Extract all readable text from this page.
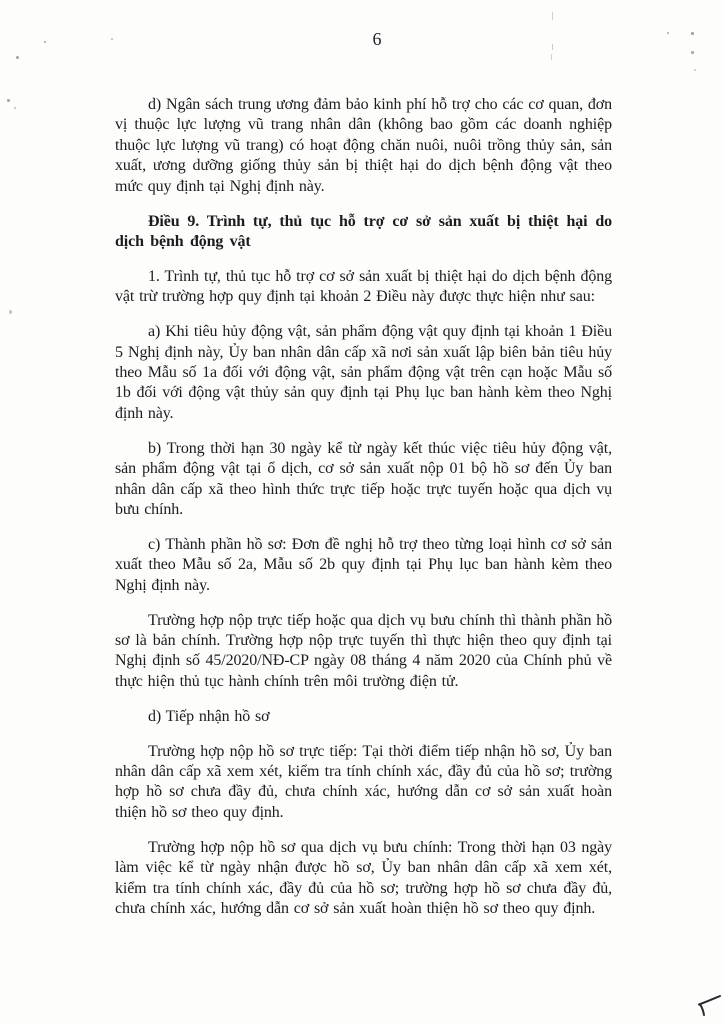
6

d) Ngân sách trung ương đảm bảo kinh phí hỗ trợ cho các cơ quan, đơn vị thuộc lực lượng vũ trang nhân dân (không bao gồm các doanh nghiệp thuộc lực lượng vũ trang) có hoạt động chăn nuôi, nuôi trồng thủy sản, sản xuất, ương dưỡng giống thủy sản bị thiệt hại do dịch bệnh động vật theo mức quy định tại Nghị định này.

Điều 9. Trình tự, thủ tục hỗ trợ cơ sở sản xuất bị thiệt hại do dịch bệnh động vật

1. Trình tự, thủ tục hỗ trợ cơ sở sản xuất bị thiệt hại do dịch bệnh động vật trừ trường hợp quy định tại khoản 2 Điều này được thực hiện như sau:

a) Khi tiêu hủy động vật, sản phẩm động vật quy định tại khoản 1 Điều 5 Nghị định này, Ủy ban nhân dân cấp xã nơi sản xuất lập biên bản tiêu hủy theo Mẫu số 1a đối với động vật, sản phẩm động vật trên cạn hoặc Mẫu số 1b đối với động vật thủy sản quy định tại Phụ lục ban hành kèm theo Nghị định này.

b) Trong thời hạn 30 ngày kể từ ngày kết thúc việc tiêu hủy động vật, sản phẩm động vật tại ổ dịch, cơ sở sản xuất nộp 01 bộ hồ sơ đến Ủy ban nhân dân cấp xã theo hình thức trực tiếp hoặc trực tuyến hoặc qua dịch vụ bưu chính.

c) Thành phần hồ sơ: Đơn đề nghị hỗ trợ theo từng loại hình cơ sở sản xuất theo Mẫu số 2a, Mẫu số 2b quy định tại Phụ lục ban hành kèm theo Nghị định này.

Trường hợp nộp trực tiếp hoặc qua dịch vụ bưu chính thì thành phần hồ sơ là bản chính. Trường hợp nộp trực tuyến thì thực hiện theo quy định tại Nghị định số 45/2020/NĐ-CP ngày 08 tháng 4 năm 2020 của Chính phủ về thực hiện thủ tục hành chính trên môi trường điện tử.

d) Tiếp nhận hồ sơ

Trường hợp nộp hồ sơ trực tiếp: Tại thời điểm tiếp nhận hồ sơ, Ủy ban nhân dân cấp xã xem xét, kiểm tra tính chính xác, đầy đủ của hồ sơ; trường hợp hồ sơ chưa đầy đủ, chưa chính xác, hướng dẫn cơ sở sản xuất hoàn thiện hồ sơ theo quy định.

Trường hợp nộp hồ sơ qua dịch vụ bưu chính: Trong thời hạn 03 ngày làm việc kể từ ngày nhận được hồ sơ, Ủy ban nhân dân cấp xã xem xét, kiểm tra tính chính xác, đầy đủ của hồ sơ; trường hợp hồ sơ chưa đầy đủ, chưa chính xác, hướng dẫn cơ sở sản xuất hoàn thiện hồ sơ theo quy định.
